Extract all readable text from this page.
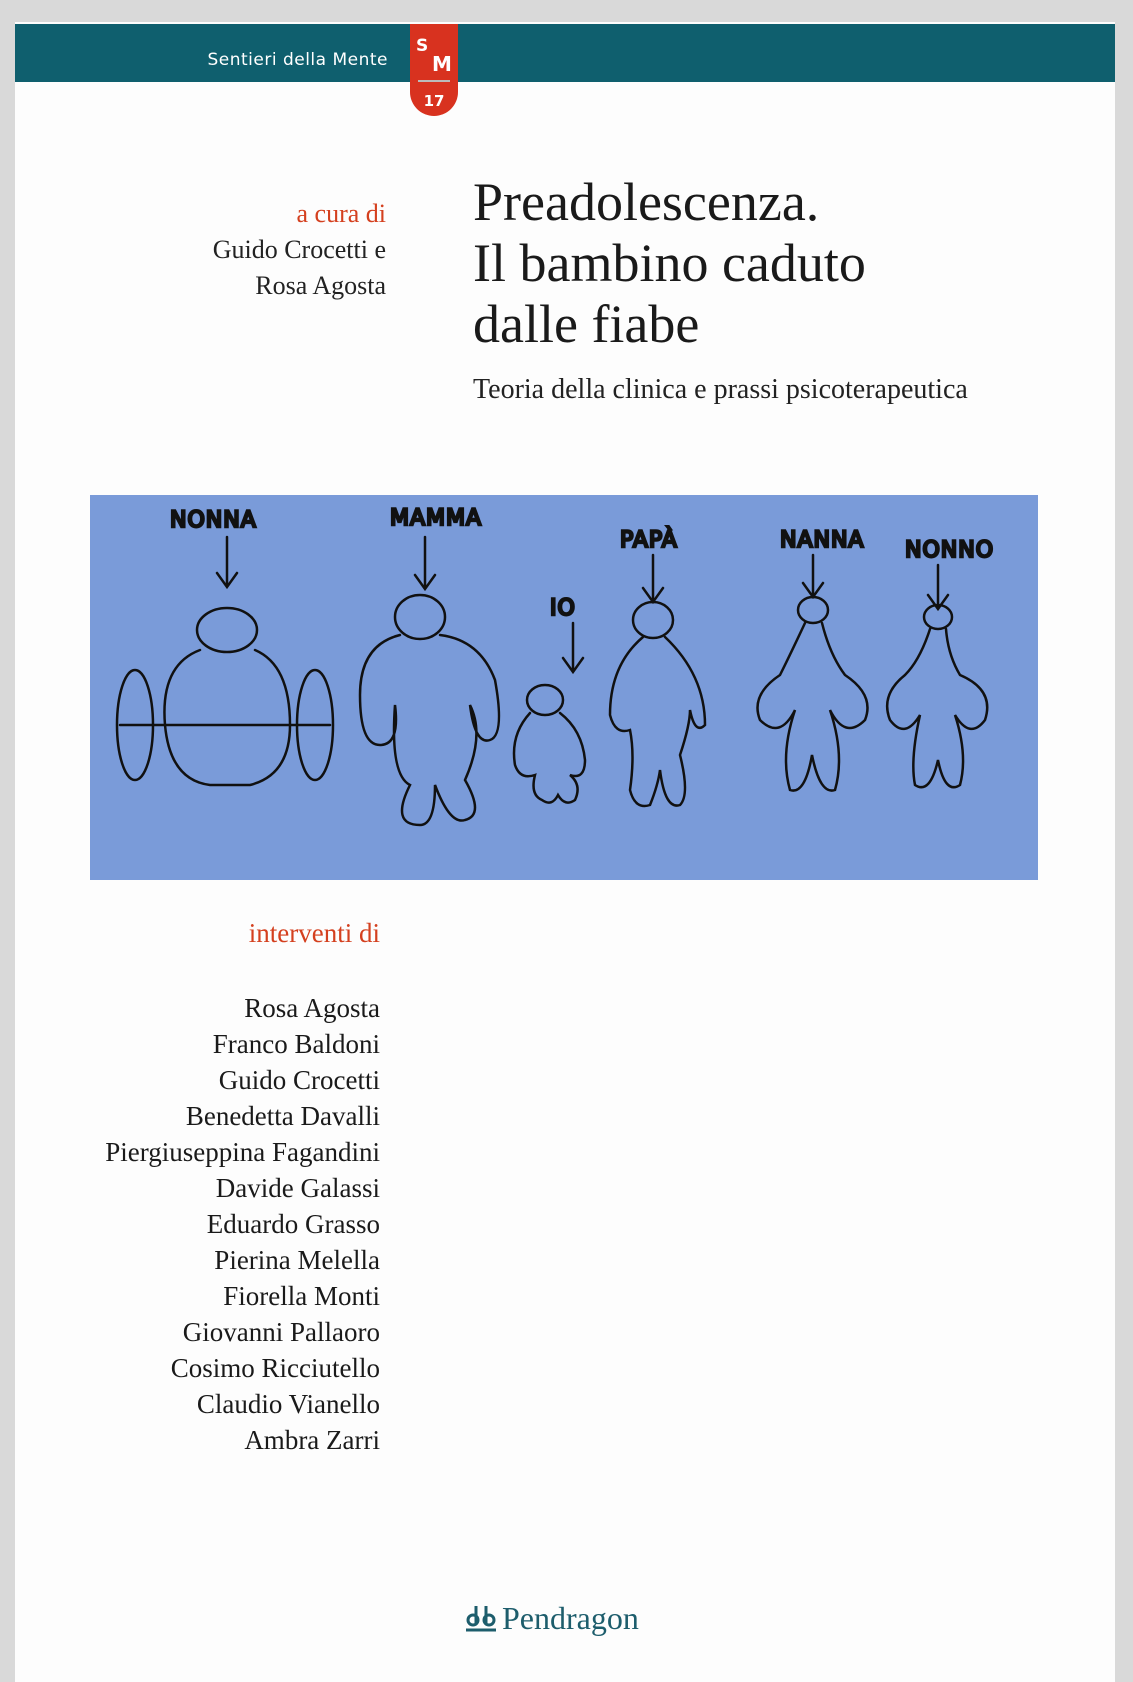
Sentieri della Mente
S
M
17
a cura di
Guido Crocetti e
Rosa Agosta
Preadolescenza.
Il bambino caduto
dalle fiabe
Teoria della clinica e prassi psicoterapeutica
NONNA	MAMMA
IO
PAPÀ	NANNA NONNO
interventi di
Rosa Agosta
Franco Baldoni
Guido Crocetti
Benedetta Davalli
Piergiuseppina Fagandini
Davide Galassi
Eduardo Grasso
Pierina Melella
Fiorella Monti
Giovanni Pallaoro
Cosimo Ricciutello
Claudio Vianello
Ambra Zarri
Pendragon
